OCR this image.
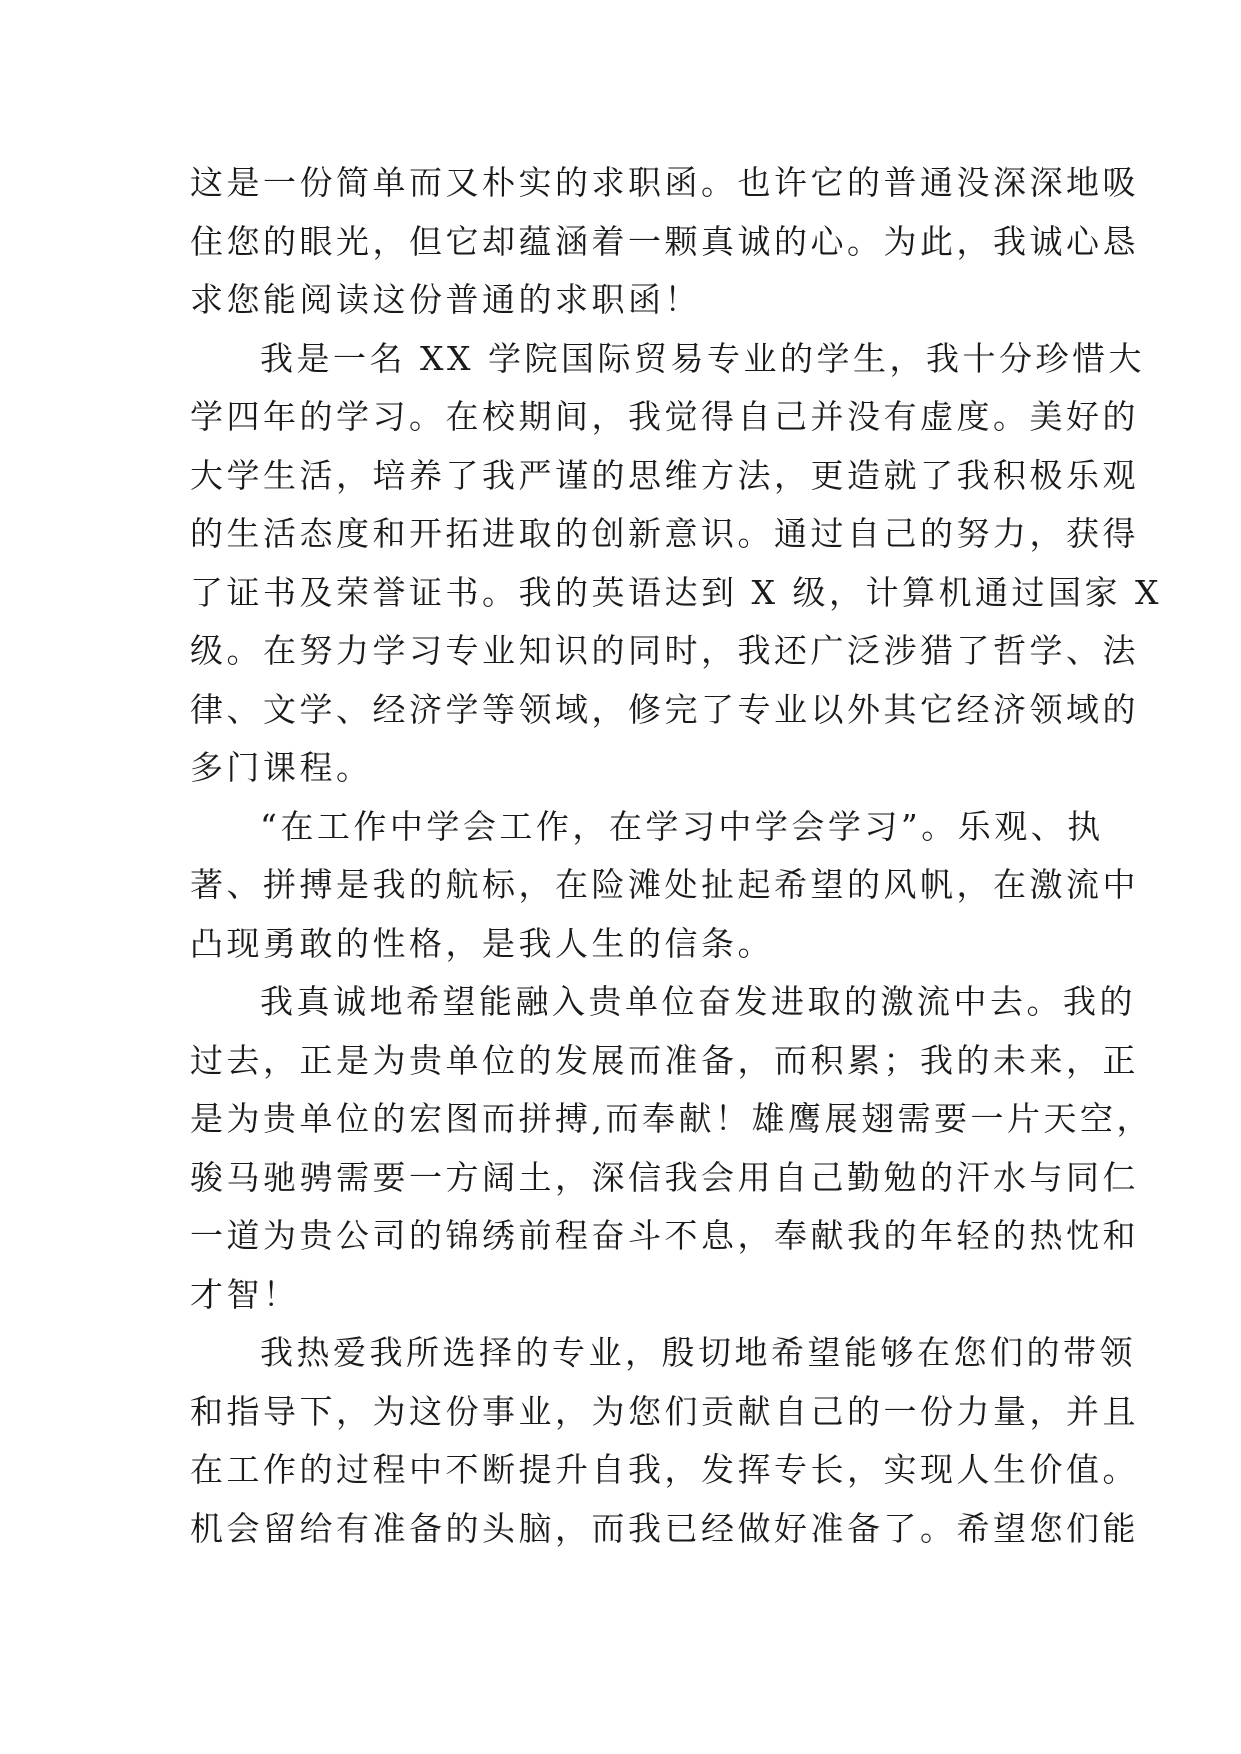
这是一份简单而又朴实的求职函。也许它的普通没深深地吸
住您的眼光，但它却蕴涵着一颗真诚的心。为此，我诚心恳
求您能阅读这份普通的求职函！
我是一名 XX 学院国际贸易专业的学生，我十分珍惜大
学四年的学习。在校期间，我觉得自己并没有虚度。美好的
大学生活，培养了我严谨的思维方法，更造就了我积极乐观
的生活态度和开拓进取的创新意识。通过自己的努力，获得
了证书及荣誉证书。我的英语达到 X 级，计算机通过国家 X
级。在努力学习专业知识的同时，我还广泛涉猎了哲学、法
律、文学、经济学等领域，修完了专业以外其它经济领域的
多门课程。
“在工作中学会工作，在学习中学会学习”。乐观、执
著、拼搏是我的航标，在险滩处扯起希望的风帆，在激流中
凸现勇敢的性格，是我人生的信条。
我真诚地希望能融入贵单位奋发进取的激流中去。我的
过去，正是为贵单位的发展而准备，而积累；我的未来，正
是为贵单位的宏图而拼搏,而奉献！雄鹰展翅需要一片天空，
骏马驰骋需要一方阔土，深信我会用自己勤勉的汗水与同仁
一道为贵公司的锦绣前程奋斗不息，奉献我的年轻的热忱和
才智！
我热爱我所选择的专业，殷切地希望能够在您们的带领
和指导下，为这份事业，为您们贡献自己的一份力量，并且
在工作的过程中不断提升自我，发挥专长，实现人生价值。
机会留给有准备的头脑，而我已经做好准备了。希望您们能
